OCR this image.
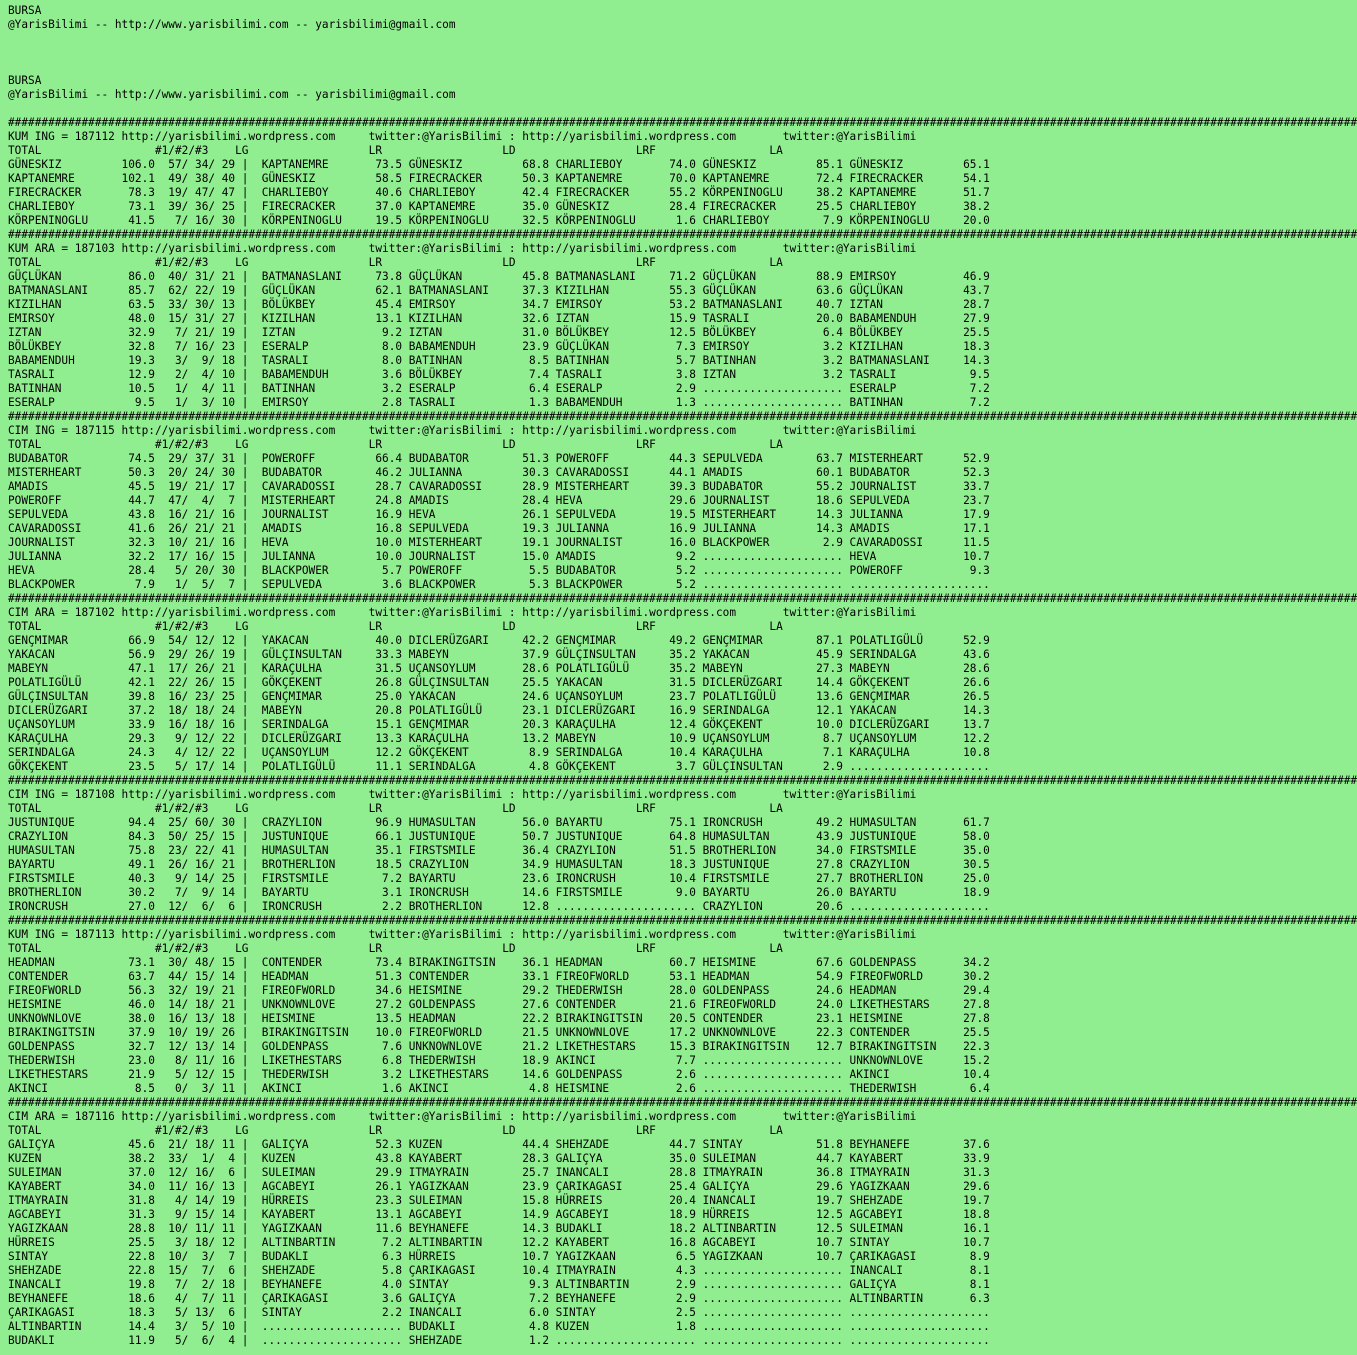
BURSA
@YarisBilimi -- http://www.yarisbilimi.com -- yarisbilimi@gmail.com
BURSA
@YarisBilimi -- http://www.yarisbilimi.com -- yarisbilimi@gmail.com
##########################################################################################################################################################################################################
KUM ING = 187112 http://yarisbilimi.wordpress.com     twitter:@YarisBilimi : http://yarisbilimi.wordpress.com       twitter:@YarisBilimi
TOTAL                 #1/#2/#3    LG                  LR                  LD                  LRF                 LA
GÜNESKIZ         106.0  57/ 34/ 29 |  KAPTANEMRE       73.5 GÜNESKIZ         68.8 CHARLIEBOY       74.0 GÜNESKIZ         85.1 GÜNESKIZ         65.1
KAPTANEMRE       102.1  49/ 38/ 40 |  GÜNESKIZ         58.5 FIRECRACKER      50.3 KAPTANEMRE       70.0 KAPTANEMRE       72.4 FIRECRACKER      54.1
FIRECRACKER       78.3  19/ 47/ 47 |  CHARLIEBOY       40.6 CHARLIEBOY       42.4 FIRECRACKER      55.2 KÖRPENINOGLU     38.2 KAPTANEMRE       51.7
CHARLIEBOY        73.1  39/ 36/ 25 |  FIRECRACKER      37.0 KAPTANEMRE       35.0 GÜNESKIZ         28.4 FIRECRACKER      25.5 CHARLIEBOY       38.2
KÖRPENINOGLU      41.5   7/ 16/ 30 |  KÖRPENINOGLU     19.5 KÖRPENINOGLU     32.5 KÖRPENINOGLU      1.6 CHARLIEBOY        7.9 KÖRPENINOGLU     20.0
##########################################################################################################################################################################################################
KUM ARA = 187103 http://yarisbilimi.wordpress.com     twitter:@YarisBilimi : http://yarisbilimi.wordpress.com       twitter:@YarisBilimi
TOTAL                 #1/#2/#3    LG                  LR                  LD                  LRF                 LA
GÜÇLÜKAN          86.0  40/ 31/ 21 |  BATMANASLANI     73.8 GÜÇLÜKAN         45.8 BATMANASLANI     71.2 GÜÇLÜKAN         88.9 EMIRSOY          46.9
BATMANASLANI      85.7  62/ 22/ 19 |  GÜÇLÜKAN         62.1 BATMANASLANI     37.3 KIZILHAN         55.3 GÜÇLÜKAN         63.6 GÜÇLÜKAN         43.7
KIZILHAN          63.5  33/ 30/ 13 |  BÖLÜKBEY         45.4 EMIRSOY          34.7 EMIRSOY          53.2 BATMANASLANI     40.7 IZTAN            28.7
EMIRSOY           48.0  15/ 31/ 27 |  KIZILHAN         13.1 KIZILHAN         32.6 IZTAN            15.9 TASRALI          20.0 BABAMENDUH       27.9
IZTAN             32.9   7/ 21/ 19 |  IZTAN             9.2 IZTAN            31.0 BÖLÜKBEY         12.5 BÖLÜKBEY          6.4 BÖLÜKBEY         25.5
BÖLÜKBEY          32.8   7/ 16/ 23 |  ESERALP           8.0 BABAMENDUH       23.9 GÜÇLÜKAN          7.3 EMIRSOY           3.2 KIZILHAN         18.3
BABAMENDUH        19.3   3/  9/ 18 |  TASRALI           8.0 BATINHAN          8.5 BATINHAN          5.7 BATINHAN          3.2 BATMANASLANI     14.3
TASRALI           12.9   2/  4/ 10 |  BABAMENDUH        3.6 BÖLÜKBEY          7.4 TASRALI           3.8 IZTAN             3.2 TASRALI           9.5
BATINHAN          10.5   1/  4/ 11 |  BATINHAN          3.2 ESERALP           6.4 ESERALP           2.9 ..................... ESERALP           7.2
ESERALP            9.5   1/  3/ 10 |  EMIRSOY           2.8 TASRALI           1.3 BABAMENDUH        1.3 ..................... BATINHAN          7.2
##########################################################################################################################################################################################################
CIM ING = 187115 http://yarisbilimi.wordpress.com     twitter:@YarisBilimi : http://yarisbilimi.wordpress.com       twitter:@YarisBilimi
TOTAL                 #1/#2/#3    LG                  LR                  LD                  LRF                 LA
BUDABATOR         74.5  29/ 37/ 31 |  POWEROFF         66.4 BUDABATOR        51.3 POWEROFF         44.3 SEPULVEDA        63.7 MISTERHEART      52.9
MISTERHEART       50.3  20/ 24/ 30 |  BUDABATOR        46.2 JULIANNA         30.3 CAVARADOSSI      44.1 AMADIS           60.1 BUDABATOR        52.3
AMADIS            45.5  19/ 21/ 17 |  CAVARADOSSI      28.7 CAVARADOSSI      28.9 MISTERHEART      39.3 BUDABATOR        55.2 JOURNALIST       33.7
POWEROFF          44.7  47/  4/  7 |  MISTERHEART      24.8 AMADIS           28.4 HEVA             29.6 JOURNALIST       18.6 SEPULVEDA        23.7
SEPULVEDA         43.8  16/ 21/ 16 |  JOURNALIST       16.9 HEVA             26.1 SEPULVEDA        19.5 MISTERHEART      14.3 JULIANNA         17.9
CAVARADOSSI       41.6  26/ 21/ 21 |  AMADIS           16.8 SEPULVEDA        19.3 JULIANNA         16.9 JULIANNA         14.3 AMADIS           17.1
JOURNALIST        32.3  10/ 21/ 16 |  HEVA             10.0 MISTERHEART      19.1 JOURNALIST       16.0 BLACKPOWER        2.9 CAVARADOSSI      11.5
JULIANNA          32.2  17/ 16/ 15 |  JULIANNA         10.0 JOURNALIST       15.0 AMADIS            9.2 ..................... HEVA             10.7
HEVA              28.4   5/ 20/ 30 |  BLACKPOWER        5.7 POWEROFF          5.5 BUDABATOR         5.2 ..................... POWEROFF          9.3
BLACKPOWER         7.9   1/  5/  7 |  SEPULVEDA         3.6 BLACKPOWER        5.3 BLACKPOWER        5.2 ..................... .....................
##########################################################################################################################################################################################################
CIM ARA = 187102 http://yarisbilimi.wordpress.com     twitter:@YarisBilimi : http://yarisbilimi.wordpress.com       twitter:@YarisBilimi
TOTAL                 #1/#2/#3    LG                  LR                  LD                  LRF                 LA
GENÇMIMAR         66.9  54/ 12/ 12 |  YAKACAN          40.0 DICLERÜZGARI     42.2 GENÇMIMAR        49.2 GENÇMIMAR        87.1 POLATLIGÜLÜ      52.9
YAKACAN           56.9  29/ 26/ 19 |  GÜLÇINSULTAN     33.3 MABEYN           37.9 GÜLÇINSULTAN     35.2 YAKACAN          45.9 SERINDALGA       43.6
MABEYN            47.1  17/ 26/ 21 |  KARAÇULHA        31.5 UÇANSOYLUM       28.6 POLATLIGÜLÜ      35.2 MABEYN           27.3 MABEYN           28.6
POLATLIGÜLÜ       42.1  22/ 26/ 15 |  GÖKÇEKENT        26.8 GÜLÇINSULTAN     25.5 YAKACAN          31.5 DICLERÜZGARI     14.4 GÖKÇEKENT        26.6
GÜLÇINSULTAN      39.8  16/ 23/ 25 |  GENÇMIMAR        25.0 YAKACAN          24.6 UÇANSOYLUM       23.7 POLATLIGÜLÜ      13.6 GENÇMIMAR        26.5
DICLERÜZGARI      37.2  18/ 18/ 24 |  MABEYN           20.8 POLATLIGÜLÜ      23.1 DICLERÜZGARI     16.9 SERINDALGA       12.1 YAKACAN          14.3
UÇANSOYLUM        33.9  16/ 18/ 16 |  SERINDALGA       15.1 GENÇMIMAR        20.3 KARAÇULHA        12.4 GÖKÇEKENT        10.0 DICLERÜZGARI     13.7
KARAÇULHA         29.3   9/ 12/ 22 |  DICLERÜZGARI     13.3 KARAÇULHA        13.2 MABEYN           10.9 UÇANSOYLUM        8.7 UÇANSOYLUM       12.2
SERINDALGA        24.3   4/ 12/ 22 |  UÇANSOYLUM       12.2 GÖKÇEKENT         8.9 SERINDALGA       10.4 KARAÇULHA         7.1 KARAÇULHA        10.8
GÖKÇEKENT         23.5   5/ 17/ 14 |  POLATLIGÜLÜ      11.1 SERINDALGA        4.8 GÖKÇEKENT         3.7 GÜLÇINSULTAN      2.9 .....................
##########################################################################################################################################################################################################
CIM ING = 187108 http://yarisbilimi.wordpress.com     twitter:@YarisBilimi : http://yarisbilimi.wordpress.com       twitter:@YarisBilimi
TOTAL                 #1/#2/#3    LG                  LR                  LD                  LRF                 LA
JUSTUNIQUE        94.4  25/ 60/ 30 |  CRAZYLION        96.9 HUMASULTAN       56.0 BAYARTU          75.1 IRONCRUSH        49.2 HUMASULTAN       61.7
CRAZYLION         84.3  50/ 25/ 15 |  JUSTUNIQUE       66.1 JUSTUNIQUE       50.7 JUSTUNIQUE       64.8 HUMASULTAN       43.9 JUSTUNIQUE       58.0
HUMASULTAN        75.8  23/ 22/ 41 |  HUMASULTAN       35.1 FIRSTSMILE       36.4 CRAZYLION        51.5 BROTHERLION      34.0 FIRSTSMILE       35.0
BAYARTU           49.1  26/ 16/ 21 |  BROTHERLION      18.5 CRAZYLION        34.9 HUMASULTAN       18.3 JUSTUNIQUE       27.8 CRAZYLION        30.5
FIRSTSMILE        40.3   9/ 14/ 25 |  FIRSTSMILE        7.2 BAYARTU          23.6 IRONCRUSH        10.4 FIRSTSMILE       27.7 BROTHERLION      25.0
BROTHERLION       30.2   7/  9/ 14 |  BAYARTU           3.1 IRONCRUSH        14.6 FIRSTSMILE        9.0 BAYARTU          26.0 BAYARTU          18.9
IRONCRUSH         27.0  12/  6/  6 |  IRONCRUSH         2.2 BROTHERLION      12.8 ..................... CRAZYLION        20.6 .....................
##########################################################################################################################################################################################################
KUM ING = 187113 http://yarisbilimi.wordpress.com     twitter:@YarisBilimi : http://yarisbilimi.wordpress.com       twitter:@YarisBilimi
TOTAL                 #1/#2/#3    LG                  LR                  LD                  LRF                 LA
HEADMAN           73.1  30/ 48/ 15 |  CONTENDER        73.4 BIRAKINGITSIN    36.1 HEADMAN          60.7 HEISMINE         67.6 GOLDENPASS       34.2
CONTENDER         63.7  44/ 15/ 14 |  HEADMAN          51.3 CONTENDER        33.1 FIREOFWORLD      53.1 HEADMAN          54.9 FIREOFWORLD      30.2
FIREOFWORLD       56.3  32/ 19/ 21 |  FIREOFWORLD      34.6 HEISMINE         29.2 THEDERWISH       28.0 GOLDENPASS       24.6 HEADMAN          29.4
HEISMINE          46.0  14/ 18/ 21 |  UNKNOWNLOVE      27.2 GOLDENPASS       27.6 CONTENDER        21.6 FIREOFWORLD      24.0 LIKETHESTARS     27.8
UNKNOWNLOVE       38.0  16/ 13/ 18 |  HEISMINE         13.5 HEADMAN          22.2 BIRAKINGITSIN    20.5 CONTENDER        23.1 HEISMINE         27.8
BIRAKINGITSIN     37.9  10/ 19/ 26 |  BIRAKINGITSIN    10.0 FIREOFWORLD      21.5 UNKNOWNLOVE      17.2 UNKNOWNLOVE      22.3 CONTENDER        25.5
GOLDENPASS        32.7  12/ 13/ 14 |  GOLDENPASS        7.6 UNKNOWNLOVE      21.2 LIKETHESTARS     15.3 BIRAKINGITSIN    12.7 BIRAKINGITSIN    22.3
THEDERWISH        23.0   8/ 11/ 16 |  LIKETHESTARS      6.8 THEDERWISH       18.9 AKINCI            7.7 ..................... UNKNOWNLOVE      15.2
LIKETHESTARS      21.9   5/ 12/ 15 |  THEDERWISH        3.2 LIKETHESTARS     14.6 GOLDENPASS        2.6 ..................... AKINCI           10.4
AKINCI             8.5   0/  3/ 11 |  AKINCI            1.6 AKINCI            4.8 HEISMINE          2.6 ..................... THEDERWISH        6.4
##########################################################################################################################################################################################################
CIM ARA = 187116 http://yarisbilimi.wordpress.com     twitter:@YarisBilimi : http://yarisbilimi.wordpress.com       twitter:@YarisBilimi
TOTAL                 #1/#2/#3    LG                  LR                  LD                  LRF                 LA
GALIÇYA           45.6  21/ 18/ 11 |  GALIÇYA          52.3 KUZEN            44.4 SHEHZADE         44.7 SINTAY           51.8 BEYHANEFE        37.6
KUZEN             38.2  33/  1/  4 |  KUZEN            43.8 KAYABERT         28.3 GALIÇYA          35.0 SULEIMAN         44.7 KAYABERT         33.9
SULEIMAN          37.0  12/ 16/  6 |  SULEIMAN         29.9 ITMAYRAIN        25.7 INANCALI         28.8 ITMAYRAIN        36.8 ITMAYRAIN        31.3
KAYABERT          34.0  11/ 16/ 13 |  AGCABEYI         26.1 YAGIZKAAN        23.9 ÇARIKAGASI       25.4 GALIÇYA          29.6 YAGIZKAAN        29.6
ITMAYRAIN         31.8   4/ 14/ 19 |  HÜRREIS          23.3 SULEIMAN         15.8 HÜRREIS          20.4 INANCALI         19.7 SHEHZADE         19.7
AGCABEYI          31.3   9/ 15/ 14 |  KAYABERT         13.1 AGCABEYI         14.9 AGCABEYI         18.9 HÜRREIS          12.5 AGCABEYI         18.8
YAGIZKAAN         28.8  10/ 11/ 11 |  YAGIZKAAN        11.6 BEYHANEFE        14.3 BUDAKLI          18.2 ALTINBARTIN      12.5 SULEIMAN         16.1
HÜRREIS           25.5   3/ 18/ 12 |  ALTINBARTIN       7.2 ALTINBARTIN      12.2 KAYABERT         16.8 AGCABEYI         10.7 SINTAY           10.7
SINTAY            22.8  10/  3/  7 |  BUDAKLI           6.3 HÜRREIS          10.7 YAGIZKAAN         6.5 YAGIZKAAN        10.7 ÇARIKAGASI        8.9
SHEHZADE          22.8  15/  7/  6 |  SHEHZADE          5.8 ÇARIKAGASI       10.4 ITMAYRAIN         4.3 ..................... INANCALI          8.1
INANCALI          19.8   7/  2/ 18 |  BEYHANEFE         4.0 SINTAY            9.3 ALTINBARTIN       2.9 ..................... GALIÇYA           8.1
BEYHANEFE         18.6   4/  7/ 11 |  ÇARIKAGASI        3.6 GALIÇYA           7.2 BEYHANEFE         2.9 ..................... ALTINBARTIN       6.3
ÇARIKAGASI        18.3   5/ 13/  6 |  SINTAY            2.2 INANCALI          6.0 SINTAY            2.5 ..................... .....................
ALTINBARTIN       14.4   3/  5/ 10 |  ..................... BUDAKLI           4.8 KUZEN             1.8 ..................... .....................
BUDAKLI           11.9   5/  6/  4 |  ..................... SHEHZADE          1.2 ..................... ..................... .....................
